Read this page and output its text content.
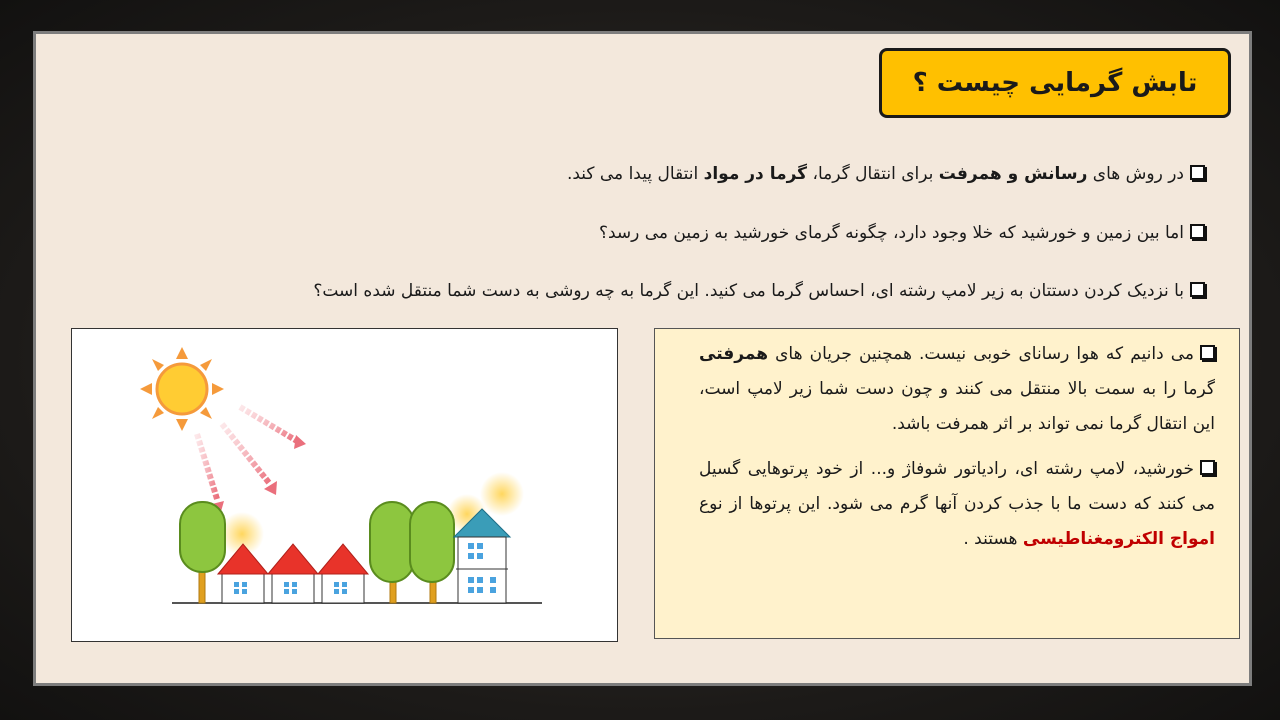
تابش گرمایی چیست ؟
در روش های رسانش و همرفت برای انتقال گرما، گرما در مواد انتقال پیدا می کند.
اما بین زمین و خورشید که خلا وجود دارد، چگونه گرمای خورشید به زمین می رسد؟
با نزدیک کردن دستتان به زیر لامپ رشته ای، احساس گرما می کنید. این گرما به چه روشی به دست شما منتقل شده است؟

می دانیم که هوا رسانای خوبی نیست. همچنین جریان های همرفتی گرما را به سمت بالا منتقل می کنند و چون دست شما زیر لامپ است، این انتقال گرما نمی تواند بر اثر همرفت باشد.

خورشید، لامپ رشته ای، رادیاتور شوفاژ و... از خود پرتوهایی گسیل می کنند که دست ما با جذب کردن آنها گرم می شود. این پرتوها از نوع امواج الکترومغناطیسی هستند .
